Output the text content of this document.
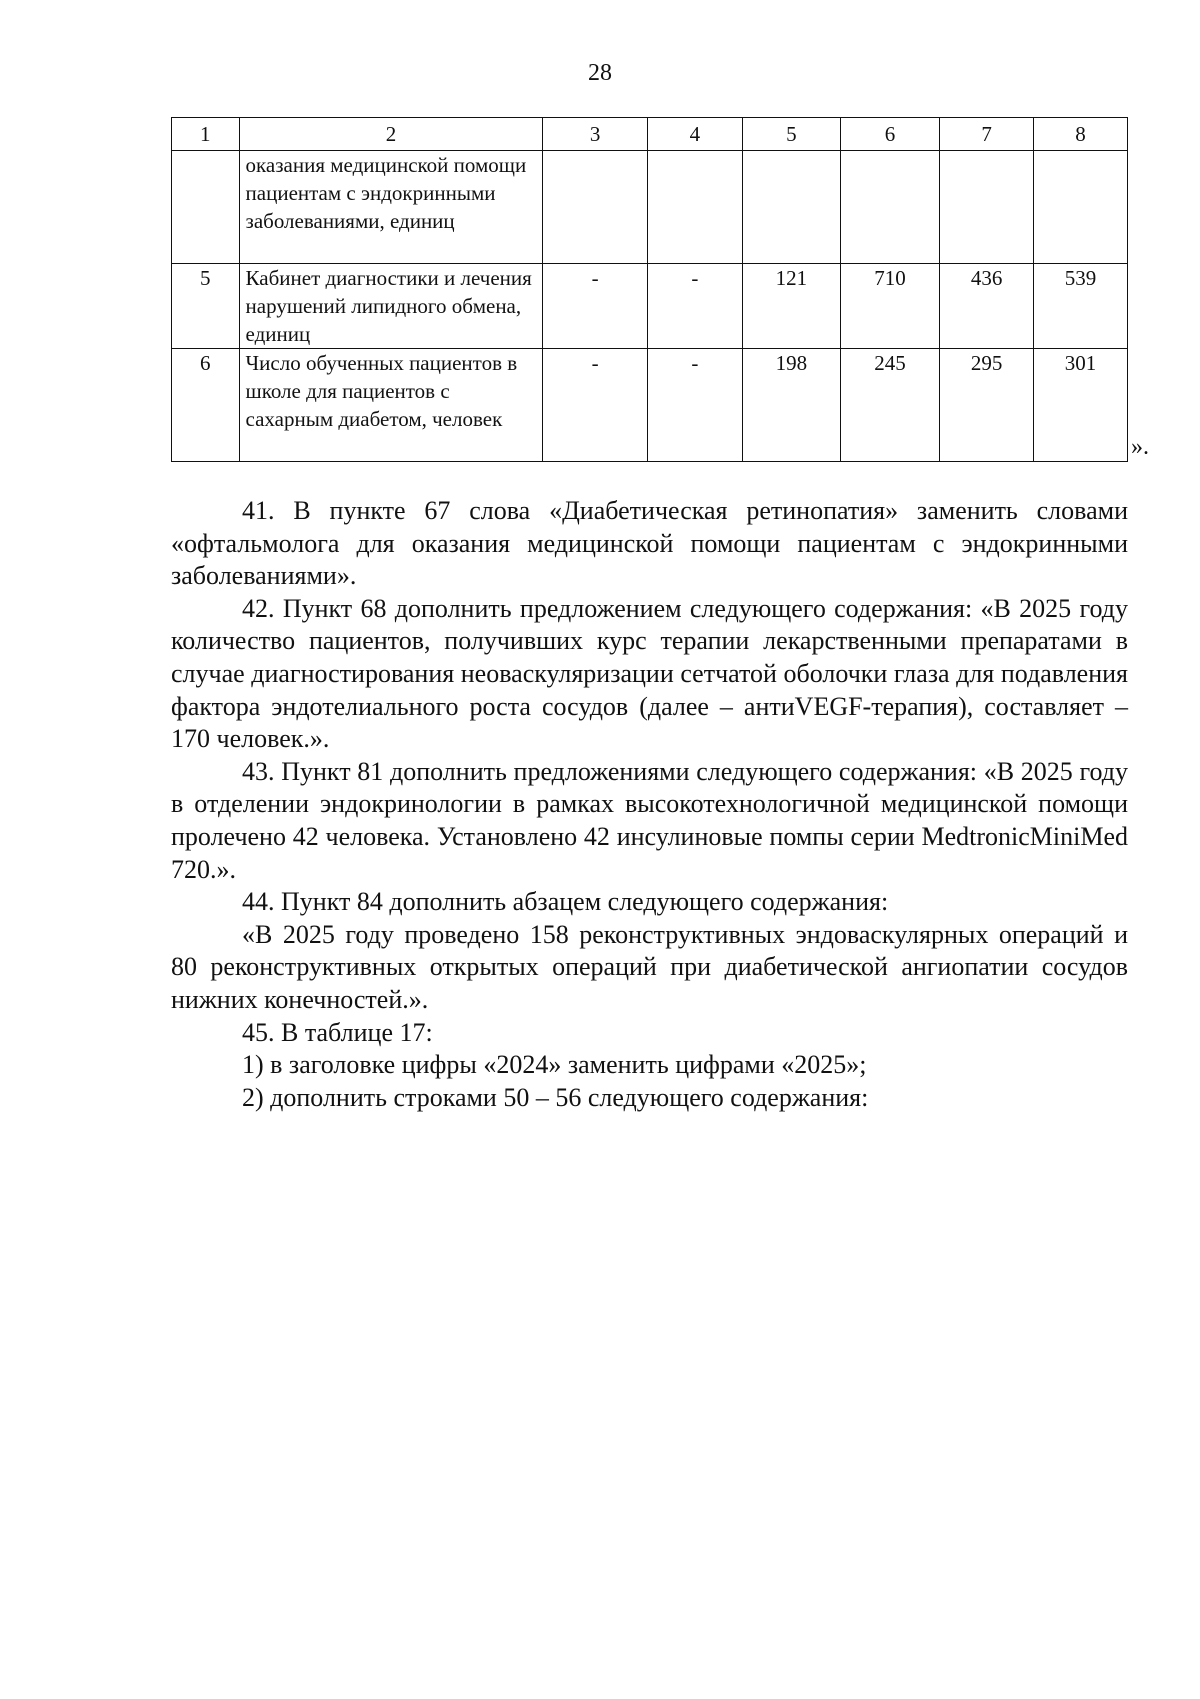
28
1	2	3	4	5	6	7	8
	оказания медицинской помощи пациентам с эндокринными заболеваниями, единиц						
5	Кабинет диагностики и лечения нарушений липидного обмена, единиц	-	-	121	710	436	539
6	Число обученных пациентов в школе для пациентов с сахарным диабетом, человек	-	-	198	245	295	301
».

41. В пункте 67 слова «Диабетическая ретинопатия» заменить словами «офтальмолога для оказания медицинской помощи пациентам с эндокринными заболеваниями».

42. Пункт 68 дополнить предложением следующего содержания: «В 2025 году количество пациентов, получивших курс терапии лекарственными препаратами в случае диагностирования неоваскуляризации сетчатой оболочки глаза для подавления фактора эндотелиального роста сосудов (далее – антиVEGF-терапия), составляет – 170 человек.».

43. Пункт 81 дополнить предложениями следующего содержания: «В 2025 году в отделении эндокринологии в рамках высокотехнологичной медицинской помощи пролечено 42 человека. Установлено 42 инсулиновые помпы серии MedtronicMiniMed 720.».

44. Пункт 84 дополнить абзацем следующего содержания:

«В 2025 году проведено 158 реконструктивных эндоваскулярных операций и 80 реконструктивных открытых операций при диабетической ангиопатии сосудов нижних конечностей.».

45. В таблице 17:

1) в заголовке цифры «2024» заменить цифрами «2025»;

2) дополнить строками 50 – 56 следующего содержания:
